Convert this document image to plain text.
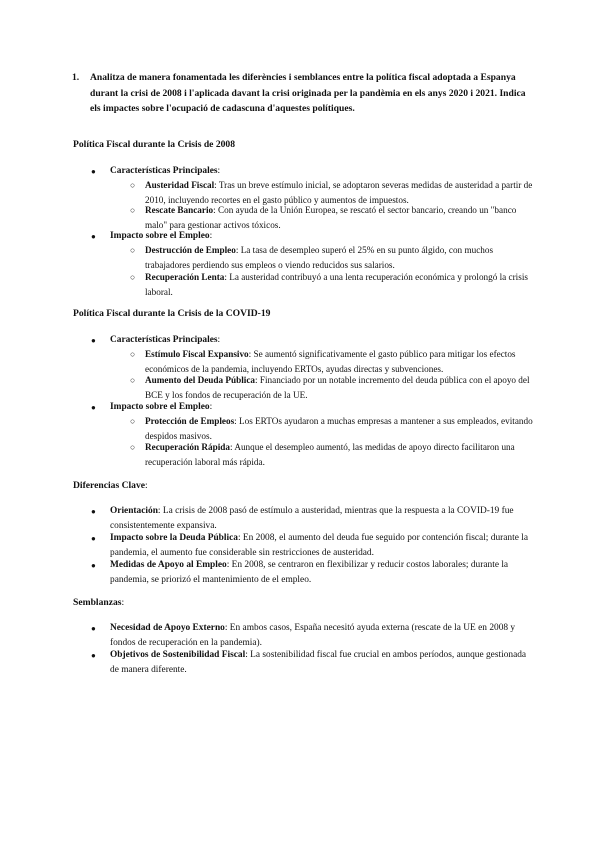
1. Analitza de manera fonamentada les diferències i semblances entre la política fiscal adoptada a Espanya durant la crisi de 2008 i l'aplicada davant la crisi originada per la pandèmia en els anys 2020 i 2021. Indica els impactes sobre l'ocupació de cadascuna d'aquestes polítiques.
Política Fiscal durante la Crisis de 2008
● Características Principales:
○ Austeridad Fiscal: Tras un breve estímulo inicial, se adoptaron severas medidas de austeridad a partir de 2010, incluyendo recortes en el gasto público y aumentos de impuestos.
○ Rescate Bancario: Con ayuda de la Unión Europea, se rescató el sector bancario, creando un "banco malo" para gestionar activos tóxicos.
● Impacto sobre el Empleo:
○ Destrucción de Empleo: La tasa de desempleo superó el 25% en su punto álgido, con muchos trabajadores perdiendo sus empleos o viendo reducidos sus salarios.
○ Recuperación Lenta: La austeridad contribuyó a una lenta recuperación económica y prolongó la crisis laboral.
Política Fiscal durante la Crisis de la COVID-19
● Características Principales:
○ Estímulo Fiscal Expansivo: Se aumentó significativamente el gasto público para mitigar los efectos económicos de la pandemia, incluyendo ERTOs, ayudas directas y subvenciones.
○ Aumento del Deuda Pública: Financiado por un notable incremento del deuda pública con el apoyo del BCE y los fondos de recuperación de la UE.
● Impacto sobre el Empleo:
○ Protección de Empleos: Los ERTOs ayudaron a muchas empresas a mantener a sus empleados, evitando despidos masivos.
○ Recuperación Rápida: Aunque el desempleo aumentó, las medidas de apoyo directo facilitaron una recuperación laboral más rápida.
Diferencias Clave:
● Orientación: La crisis de 2008 pasó de estímulo a austeridad, mientras que la respuesta a la COVID-19 fue consistentemente expansiva.
● Impacto sobre la Deuda Pública: En 2008, el aumento del deuda fue seguido por contención fiscal; durante la pandemia, el aumento fue considerable sin restricciones de austeridad.
● Medidas de Apoyo al Empleo: En 2008, se centraron en flexibilizar y reducir costos laborales; durante la pandemia, se priorizó el mantenimiento de el empleo.
Semblanzas:
● Necesidad de Apoyo Externo: En ambos casos, España necesitó ayuda externa (rescate de la UE en 2008 y fondos de recuperación en la pandemia).
● Objetivos de Sostenibilidad Fiscal: La sostenibilidad fiscal fue crucial en ambos períodos, aunque gestionada de manera diferente.
